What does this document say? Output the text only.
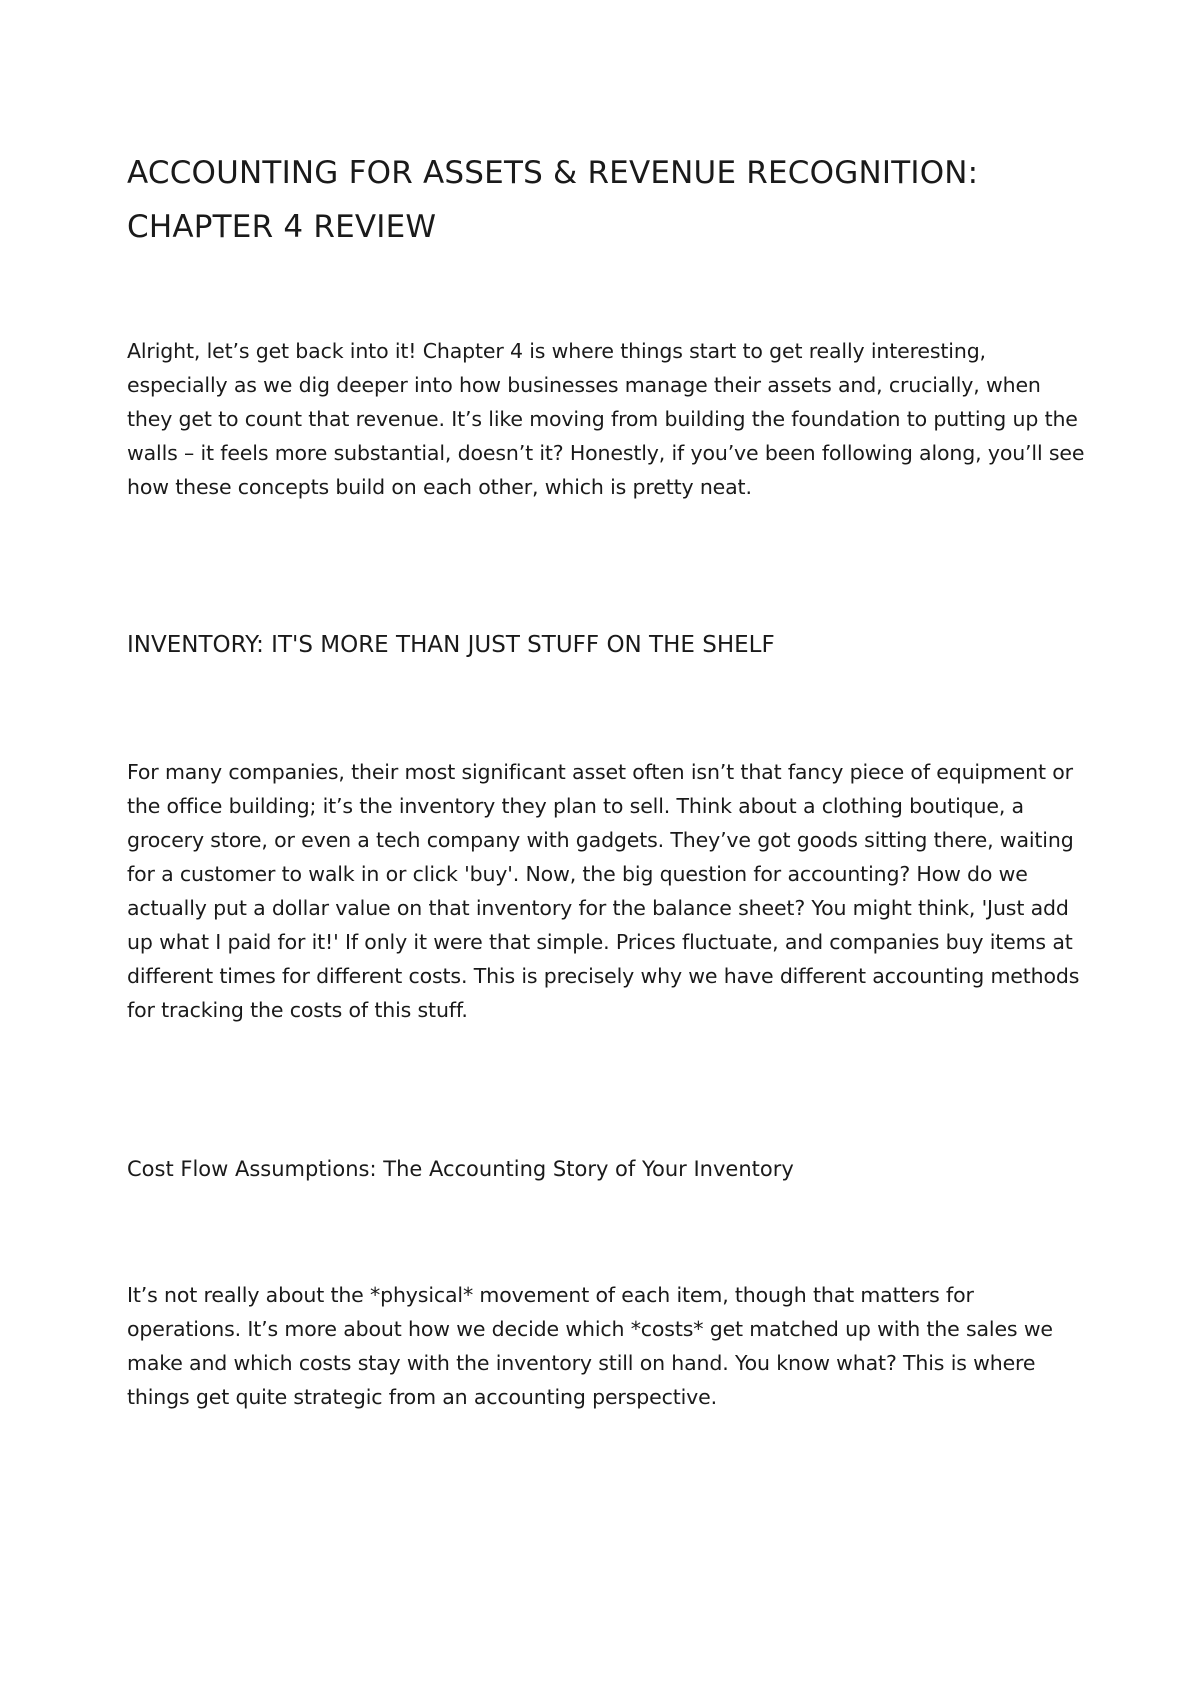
ACCOUNTING FOR ASSETS & REVENUE RECOGNITION:
CHAPTER 4 REVIEW

Alright, let’s get back into it! Chapter 4 is where things start to get really interesting, especially as we dig deeper into how businesses manage their assets and, crucially, when they get to count that revenue. It’s like moving from building the foundation to putting up the walls – it feels more substantial, doesn’t it? Honestly, if you’ve been following along, you’ll see how these concepts build on each other, which is pretty neat.

INVENTORY: IT'S MORE THAN JUST STUFF ON THE SHELF

For many companies, their most significant asset often isn’t that fancy piece of equipment or the office building; it’s the inventory they plan to sell. Think about a clothing boutique, a grocery store, or even a tech company with gadgets. They’ve got goods sitting there, waiting for a customer to walk in or click 'buy'. Now, the big question for accounting? How do we actually put a dollar value on that inventory for the balance sheet? You might think, 'Just add up what I paid for it!' If only it were that simple. Prices fluctuate, and companies buy items at different times for different costs. This is precisely why we have different accounting methods for tracking the costs of this stuff.

Cost Flow Assumptions: The Accounting Story of Your Inventory

It’s not really about the *physical* movement of each item, though that matters for operations. It’s more about how we decide which *costs* get matched up with the sales we make and which costs stay with the inventory still on hand. You know what? This is where things get quite strategic from an accounting perspective.
